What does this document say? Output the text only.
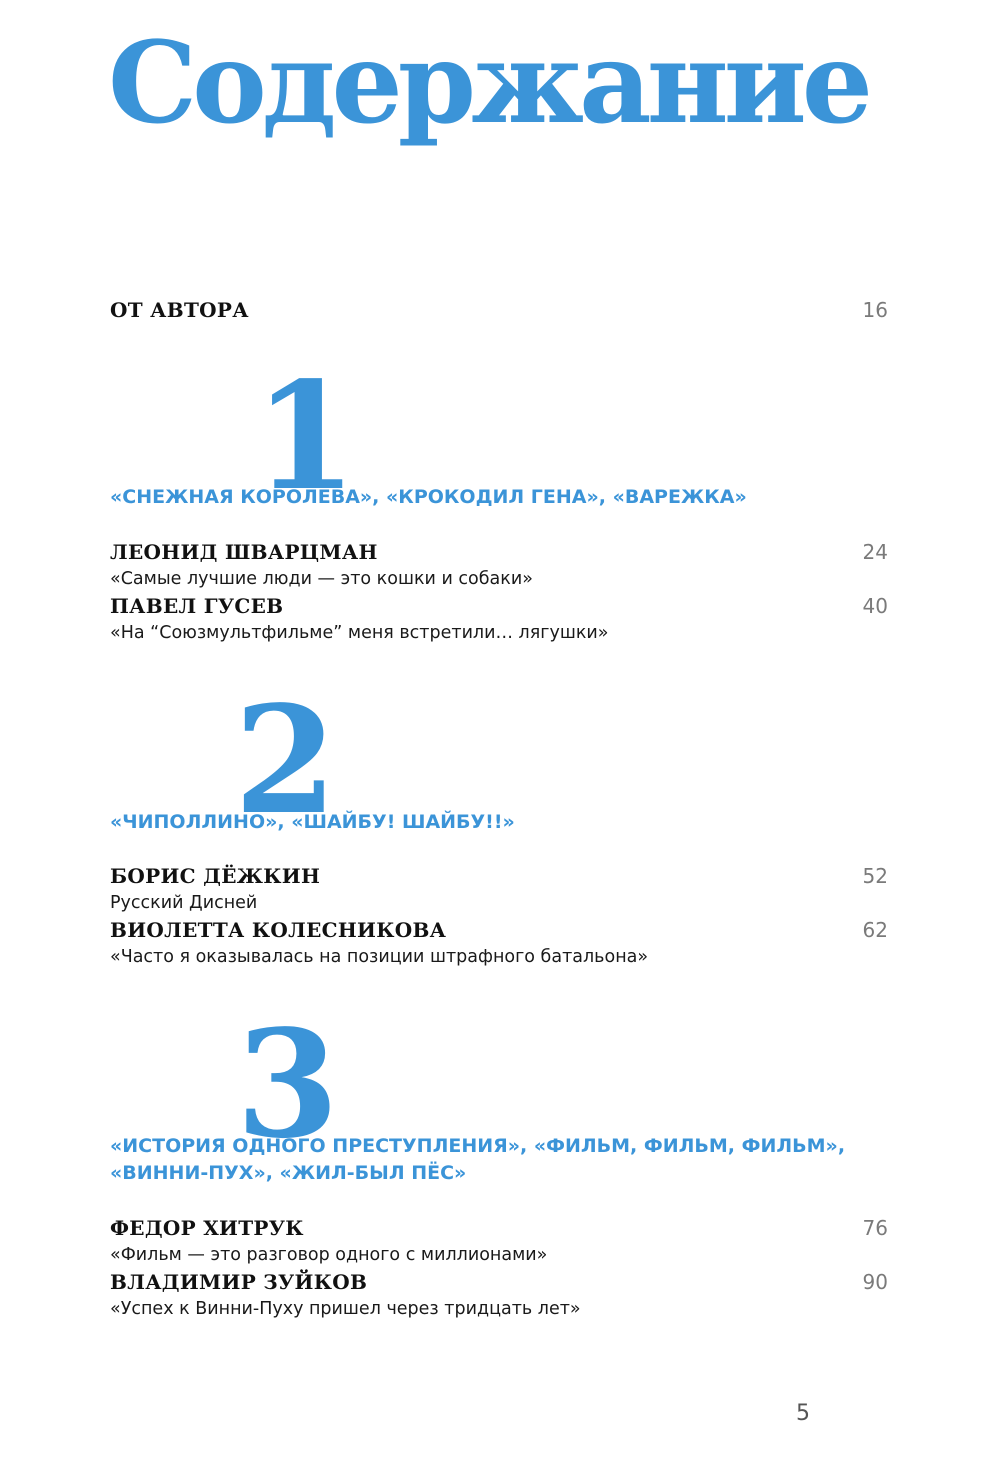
Содержание
ОТ АВТОРА	16
1
«СНЕЖНАЯ КОРОЛЕВА», «КРОКОДИЛ ГЕНА», «ВАРЕЖКА»
ЛЕОНИД ШВАРЦМАН	24
«Самые лучшие люди — это кошки и собаки»
ПАВЕЛ ГУСЕВ	40
«На “Союзмультфильме” меня встретили… лягушки»
2
«ЧИПОЛЛИНО», «ШАЙБУ! ШАЙБУ!!»
БОРИС ДЁЖКИН	52
Русский Дисней
ВИОЛЕТТА КОЛЕСНИКОВА	62
«Часто я оказывалась на позиции штрафного батальона»
3
«ИСТОРИЯ ОДНОГО ПРЕСТУПЛЕНИЯ», «ФИЛЬМ, ФИЛЬМ, ФИЛЬМ»,
«ВИННИ-ПУХ», «ЖИЛ-БЫЛ ПЁС»
ФЕДОР ХИТРУК	76
«Фильм — это разговор одного с миллионами»
ВЛАДИМИР ЗУЙКОВ	90
«Успех к Винни-Пуху пришел через тридцать лет»
5
